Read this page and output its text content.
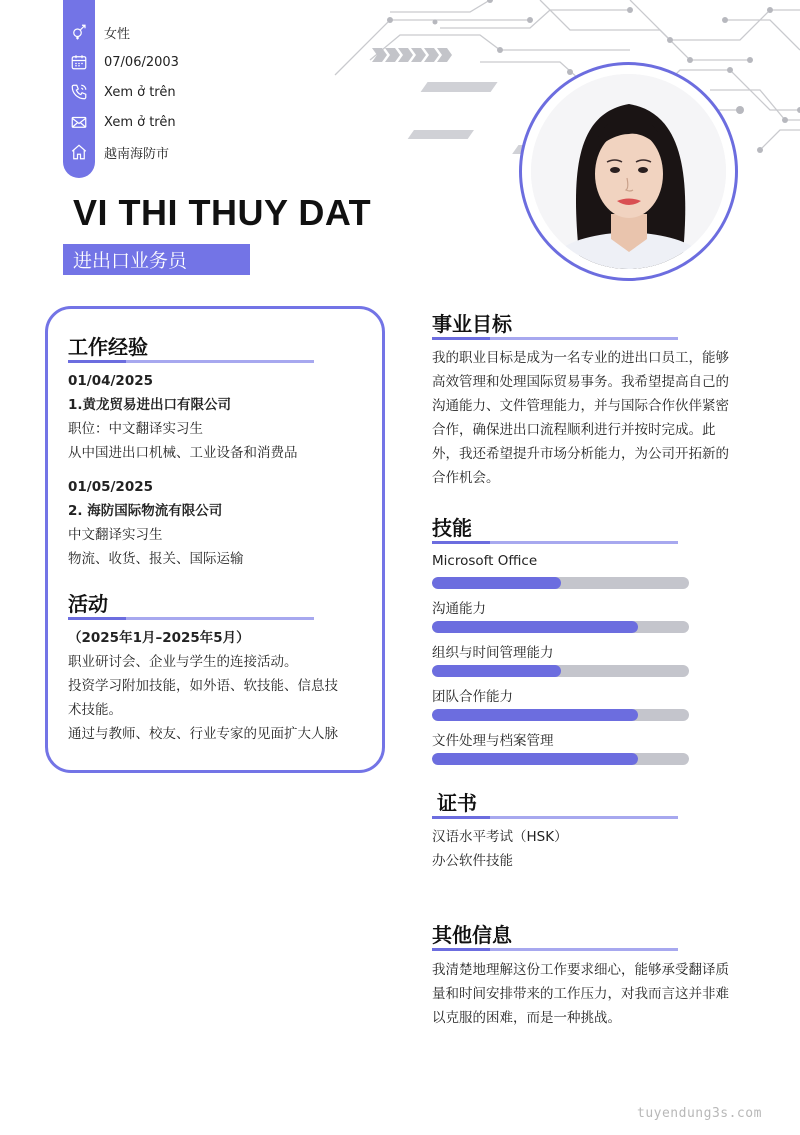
女性
07/06/2003
Xem ở trên
Xem ở trên
越南海防市
VI THI THUY DAT
进出口业务员
工作经验
01/04/2025
1.黄龙贸易进出口有限公司
职位：中文翻译实习生
从中国进出口机械、工业设备和消费品
01/05/2025
2. 海防国际物流有限公司
中文翻译实习生
物流、收货、报关、国际运输
活动
（2025年1月–2025年5月）
职业研讨会、企业与学生的连接活动。
投资学习附加技能，如外语、软技能、信息技
术技能。
通过与教师、校友、行业专家的见面扩大人脉
事业目标
我的职业目标是成为一名专业的进出口员工，能够
高效管理和处理国际贸易事务。我希望提高自己的
沟通能力、文件管理能力，并与国际合作伙伴紧密
合作，确保进出口流程顺利进行并按时完成。此
外，我还希望提升市场分析能力，为公司开拓新的
合作机会。
技能
Microsoft Office
沟通能力
组织与时间管理能力
团队合作能力
文件处理与档案管理
证书
汉语水平考试（HSK）
办公软件技能
其他信息
我清楚地理解这份工作要求细心，能够承受翻译质
量和时间安排带来的工作压力，对我而言这并非难
以克服的困难，而是一种挑战。
tuyendung3s.com
